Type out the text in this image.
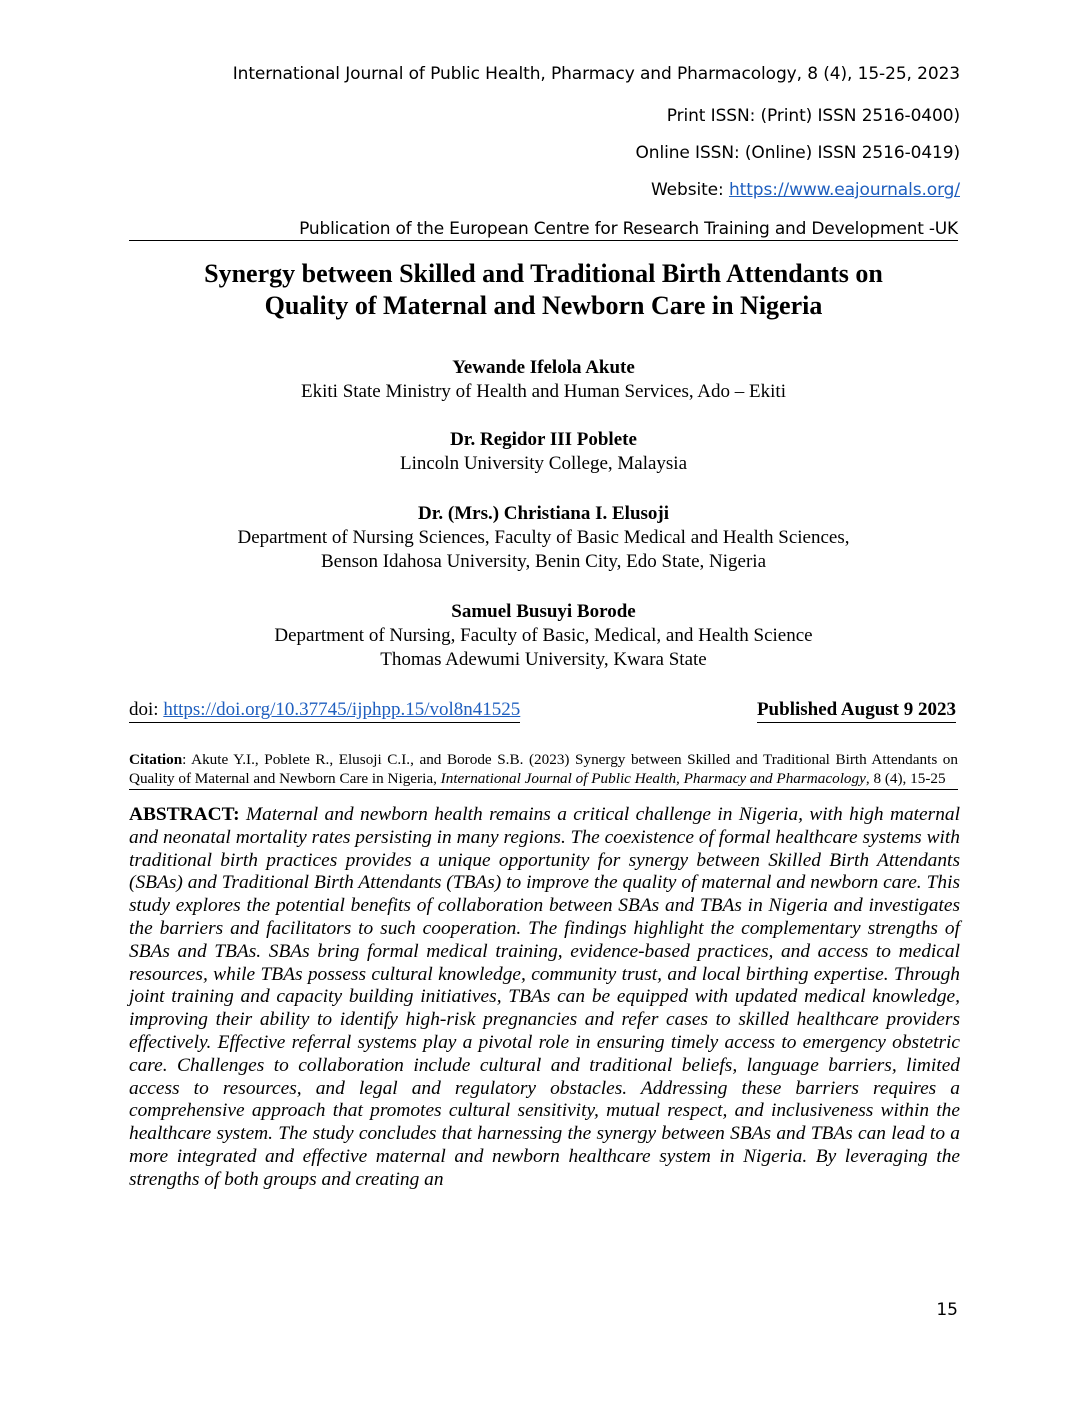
International Journal of Public Health, Pharmacy and Pharmacology, 8 (4), 15-25, 2023
Print ISSN: (Print) ISSN 2516-0400)
Online ISSN: (Online) ISSN 2516-0419)
Website: https://www.eajournals.org/
Publication of the European Centre for Research Training and Development -UK
Synergy between Skilled and Traditional Birth Attendants on
Quality of Maternal and Newborn Care in Nigeria
Yewande Ifelola Akute
Ekiti State Ministry of Health and Human Services, Ado – Ekiti
Dr. Regidor III Poblete
Lincoln University College, Malaysia
Dr. (Mrs.) Christiana I. Elusoji
Department of Nursing Sciences, Faculty of Basic Medical and Health Sciences,
Benson Idahosa University, Benin City, Edo State, Nigeria
Samuel Busuyi Borode
Department of Nursing, Faculty of Basic, Medical, and Health Science
Thomas Adewumi University, Kwara State
doi: https://doi.org/10.37745/ijphpp.15/vol8n41525	Published August 9 2023
Citation: Akute Y.I., Poblete R., Elusoji C.I., and Borode S.B. (2023) Synergy between Skilled and Traditional Birth Attendants on Quality of Maternal and Newborn Care in Nigeria, International Journal of Public Health, Pharmacy and Pharmacology, 8 (4), 15-25
ABSTRACT: Maternal and newborn health remains a critical challenge in Nigeria, with high maternal and neonatal mortality rates persisting in many regions. The coexistence of formal healthcare systems with traditional birth practices provides a unique opportunity for synergy between Skilled Birth Attendants (SBAs) and Traditional Birth Attendants (TBAs) to improve the quality of maternal and newborn care. This study explores the potential benefits of collaboration between SBAs and TBAs in Nigeria and investigates the barriers and facilitators to such cooperation. The findings highlight the complementary strengths of SBAs and TBAs. SBAs bring formal medical training, evidence-based practices, and access to medical resources, while TBAs possess cultural knowledge, community trust, and local birthing expertise. Through joint training and capacity building initiatives, TBAs can be equipped with updated medical knowledge, improving their ability to identify high-risk pregnancies and refer cases to skilled healthcare providers effectively. Effective referral systems play a pivotal role in ensuring timely access to emergency obstetric care. Challenges to collaboration include cultural and traditional beliefs, language barriers, limited access to resources, and legal and regulatory obstacles. Addressing these barriers requires a comprehensive approach that promotes cultural sensitivity, mutual respect, and inclusiveness within the healthcare system. The study concludes that harnessing the synergy between SBAs and TBAs can lead to a more integrated and effective maternal and newborn healthcare system in Nigeria. By leveraging the strengths of both groups and creating an
15
